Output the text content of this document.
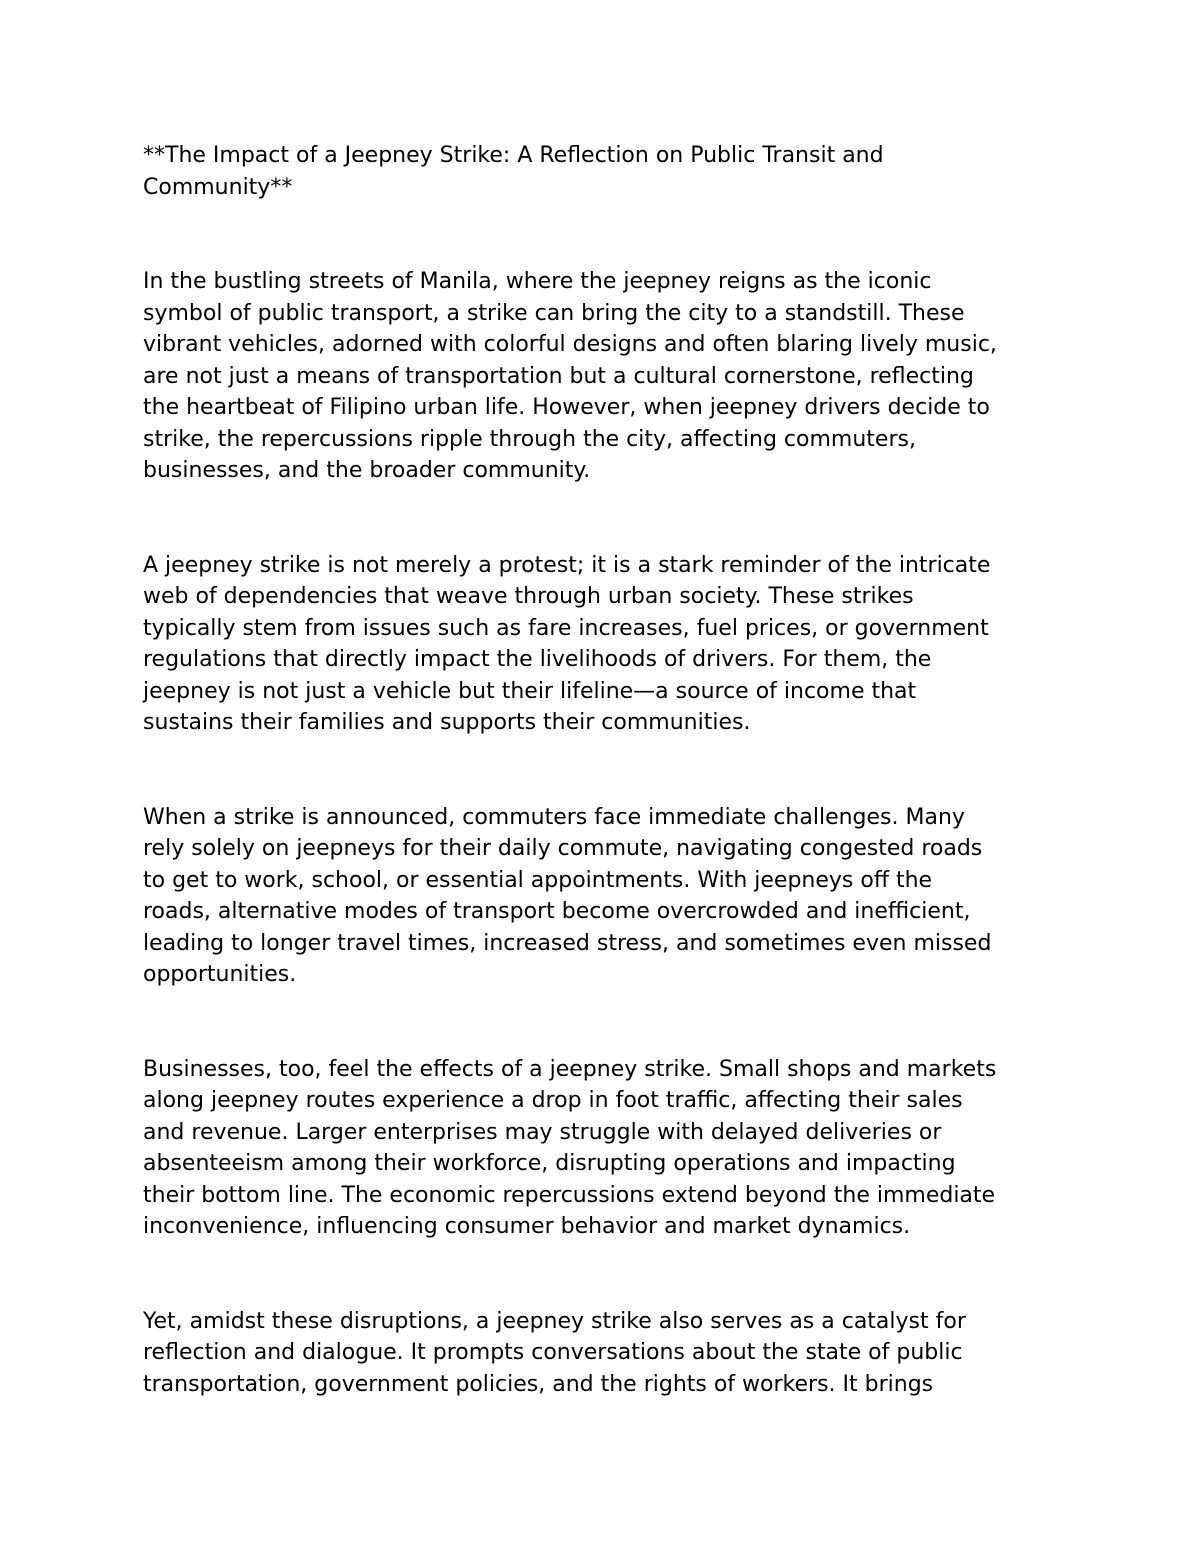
**The Impact of a Jeepney Strike: A Reflection on Public Transit and
Community**
In the bustling streets of Manila, where the jeepney reigns as the iconic
symbol of public transport, a strike can bring the city to a standstill. These
vibrant vehicles, adorned with colorful designs and often blaring lively music,
are not just a means of transportation but a cultural cornerstone, reflecting
the heartbeat of Filipino urban life. However, when jeepney drivers decide to
strike, the repercussions ripple through the city, affecting commuters,
businesses, and the broader community.
A jeepney strike is not merely a protest; it is a stark reminder of the intricate
web of dependencies that weave through urban society. These strikes
typically stem from issues such as fare increases, fuel prices, or government
regulations that directly impact the livelihoods of drivers. For them, the
jeepney is not just a vehicle but their lifeline—a source of income that
sustains their families and supports their communities.
When a strike is announced, commuters face immediate challenges. Many
rely solely on jeepneys for their daily commute, navigating congested roads
to get to work, school, or essential appointments. With jeepneys off the
roads, alternative modes of transport become overcrowded and inefficient,
leading to longer travel times, increased stress, and sometimes even missed
opportunities.
Businesses, too, feel the effects of a jeepney strike. Small shops and markets
along jeepney routes experience a drop in foot traffic, affecting their sales
and revenue. Larger enterprises may struggle with delayed deliveries or
absenteeism among their workforce, disrupting operations and impacting
their bottom line. The economic repercussions extend beyond the immediate
inconvenience, influencing consumer behavior and market dynamics.
Yet, amidst these disruptions, a jeepney strike also serves as a catalyst for
reflection and dialogue. It prompts conversations about the state of public
transportation, government policies, and the rights of workers. It brings
